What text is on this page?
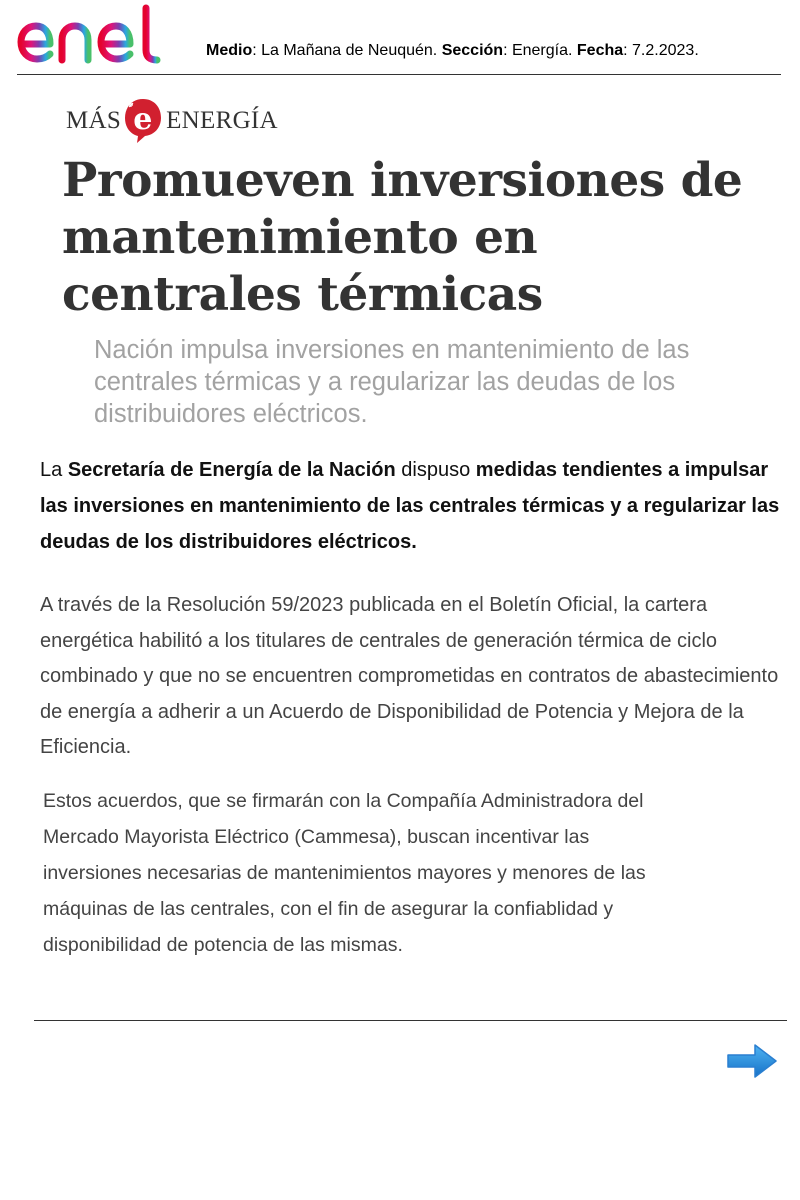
Medio: La Mañana de Neuquén. Sección: Energía. Fecha: 7.2.2023.
MÁS e ENERGÍA
Promueven inversiones de mantenimiento en centrales térmicas
Nación impulsa inversiones en mantenimiento de las centrales térmicas y a regularizar las deudas de los distribuidores eléctricos.

La Secretaría de Energía de la Nación dispuso medidas tendientes a impulsar las inversiones en mantenimiento de las centrales térmicas y a regularizar las deudas de los distribuidores eléctricos.

A través de la Resolución 59/2023 publicada en el Boletín Oficial, la cartera energética habilitó a los titulares de centrales de generación térmica de ciclo combinado y que no se encuentren comprometidas en contratos de abastecimiento de energía a adherir a un Acuerdo de Disponibilidad de Potencia y Mejora de la Eficiencia.

Estos acuerdos, que se firmarán con la Compañía Administradora del Mercado Mayorista Eléctrico (Cammesa), buscan incentivar las inversiones necesarias de mantenimientos mayores y menores de las máquinas de las centrales, con el fin de asegurar la confiablidad y disponibilidad de potencia de las mismas.
